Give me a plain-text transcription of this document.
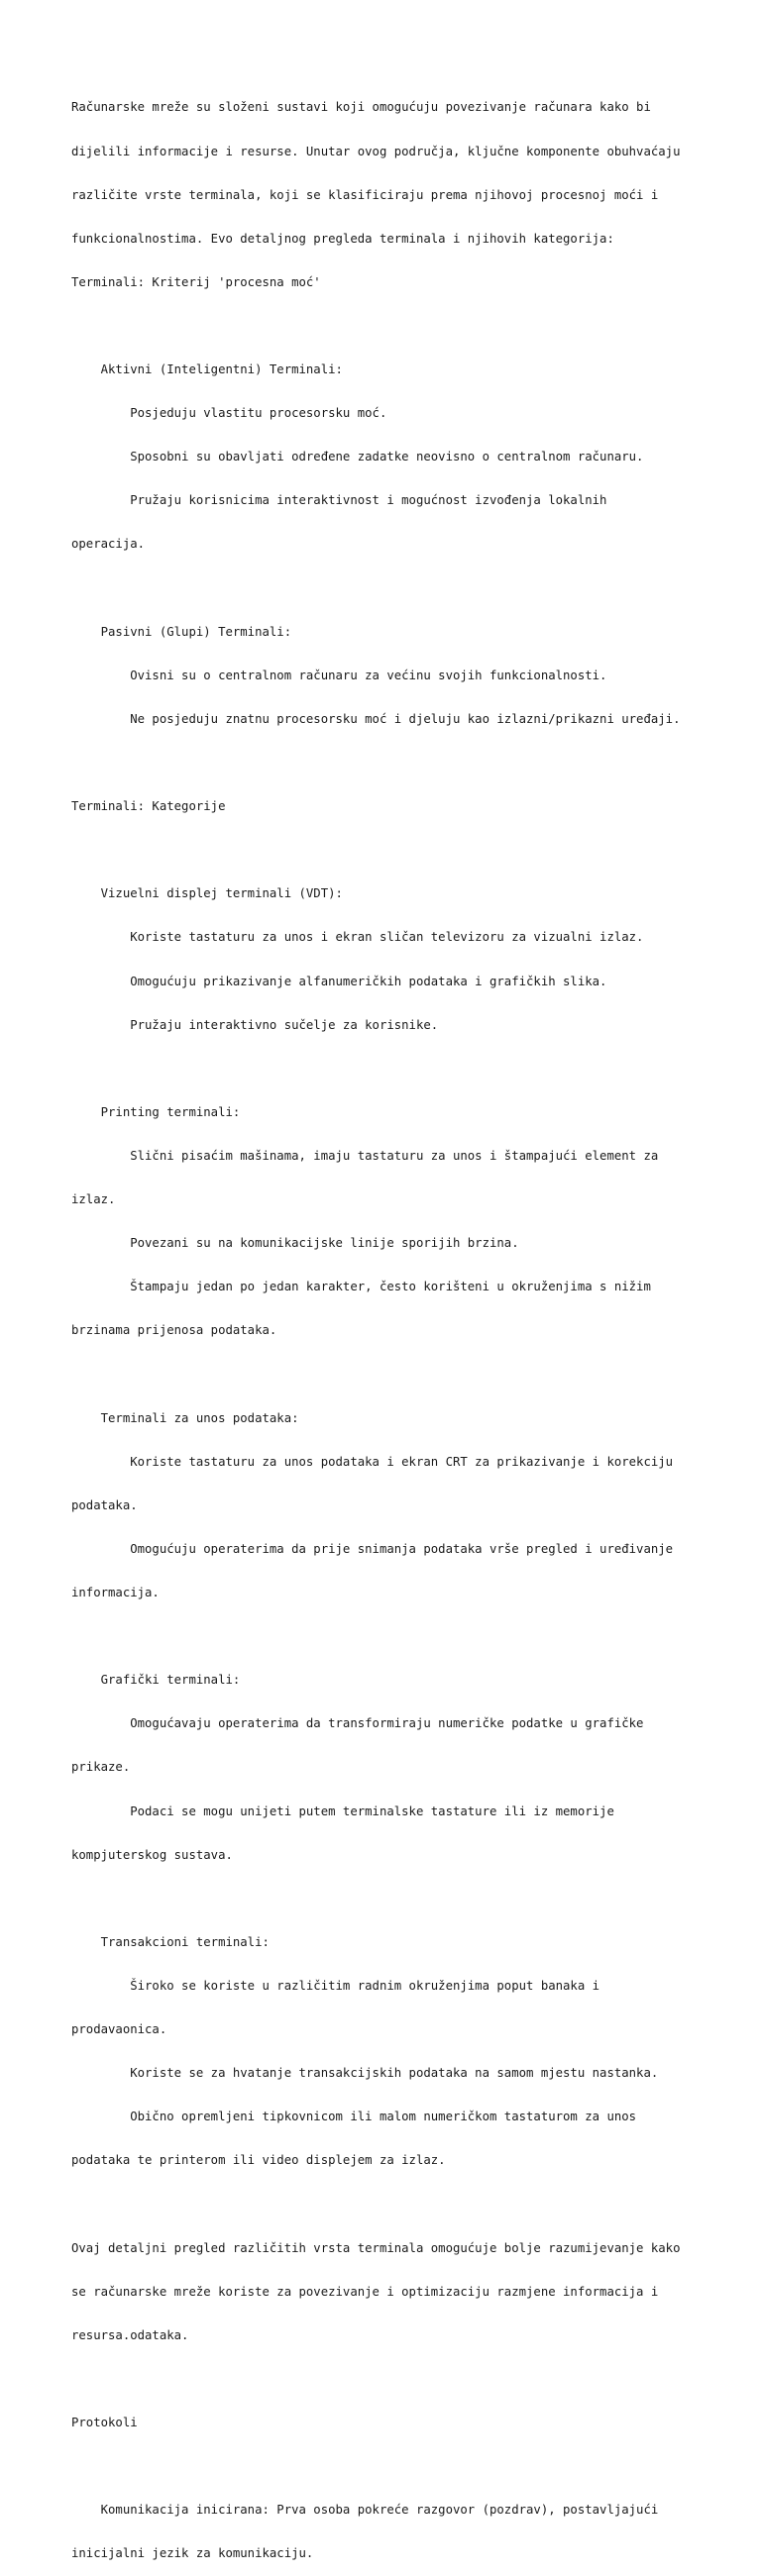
Računarske mreže su složeni sustavi koji omogućuju povezivanje računara kako bi

dijelili informacije i resurse. Unutar ovog područja, ključne komponente obuhvaćaju

različite vrste terminala, koji se klasificiraju prema njihovoj procesnoj moći i

funkcionalnostima. Evo detaljnog pregleda terminala i njihovih kategorija:

Terminali: Kriterij 'procesna moć'

Aktivni (Inteligentni) Terminali:

Posjeduju vlastitu procesorsku moć.

Sposobni su obavljati određene zadatke neovisno o centralnom računaru.

Pružaju korisnicima interaktivnost i mogućnost izvođenja lokalnih

operacija.

Pasivni (Glupi) Terminali:

Ovisni su o centralnom računaru za većinu svojih funkcionalnosti.

Ne posjeduju znatnu procesorsku moć i djeluju kao izlazni/prikazni uređaji.

Terminali: Kategorije

Vizuelni displej terminali (VDT):

Koriste tastaturu za unos i ekran sličan televizoru za vizualni izlaz.

Omogućuju prikazivanje alfanumeričkih podataka i grafičkih slika.

Pružaju interaktivno sučelje za korisnike.

Printing terminali:

Slični pisaćim mašinama, imaju tastaturu za unos i štampajući element za

izlaz.

Povezani su na komunikacijske linije sporijih brzina.

Štampaju jedan po jedan karakter, često korišteni u okruženjima s nižim

brzinama prijenosa podataka.

Terminali za unos podataka:

Koriste tastaturu za unos podataka i ekran CRT za prikazivanje i korekciju

podataka.

Omogućuju operaterima da prije snimanja podataka vrše pregled i uređivanje

informacija.

Grafički terminali:

Omogućavaju operaterima da transformiraju numeričke podatke u grafičke

prikaze.

Podaci se mogu unijeti putem terminalske tastature ili iz memorije

kompjuterskog sustava.

Transakcioni terminali:

Široko se koriste u različitim radnim okruženjima poput banaka i

prodavaonica.

Koriste se za hvatanje transakcijskih podataka na samom mjestu nastanka.

Obično opremljeni tipkovnicom ili malom numeričkom tastaturom za unos

podataka te printerom ili video displejem za izlaz.

Ovaj detaljni pregled različitih vrsta terminala omogućuje bolje razumijevanje kako

se računarske mreže koriste za povezivanje i optimizaciju razmjene informacija i

resursa.odataka.

Protokoli

Komunikacija inicirana: Prva osoba pokreće razgovor (pozdrav), postavljajući

inicijalni jezik za komunikaciju.
